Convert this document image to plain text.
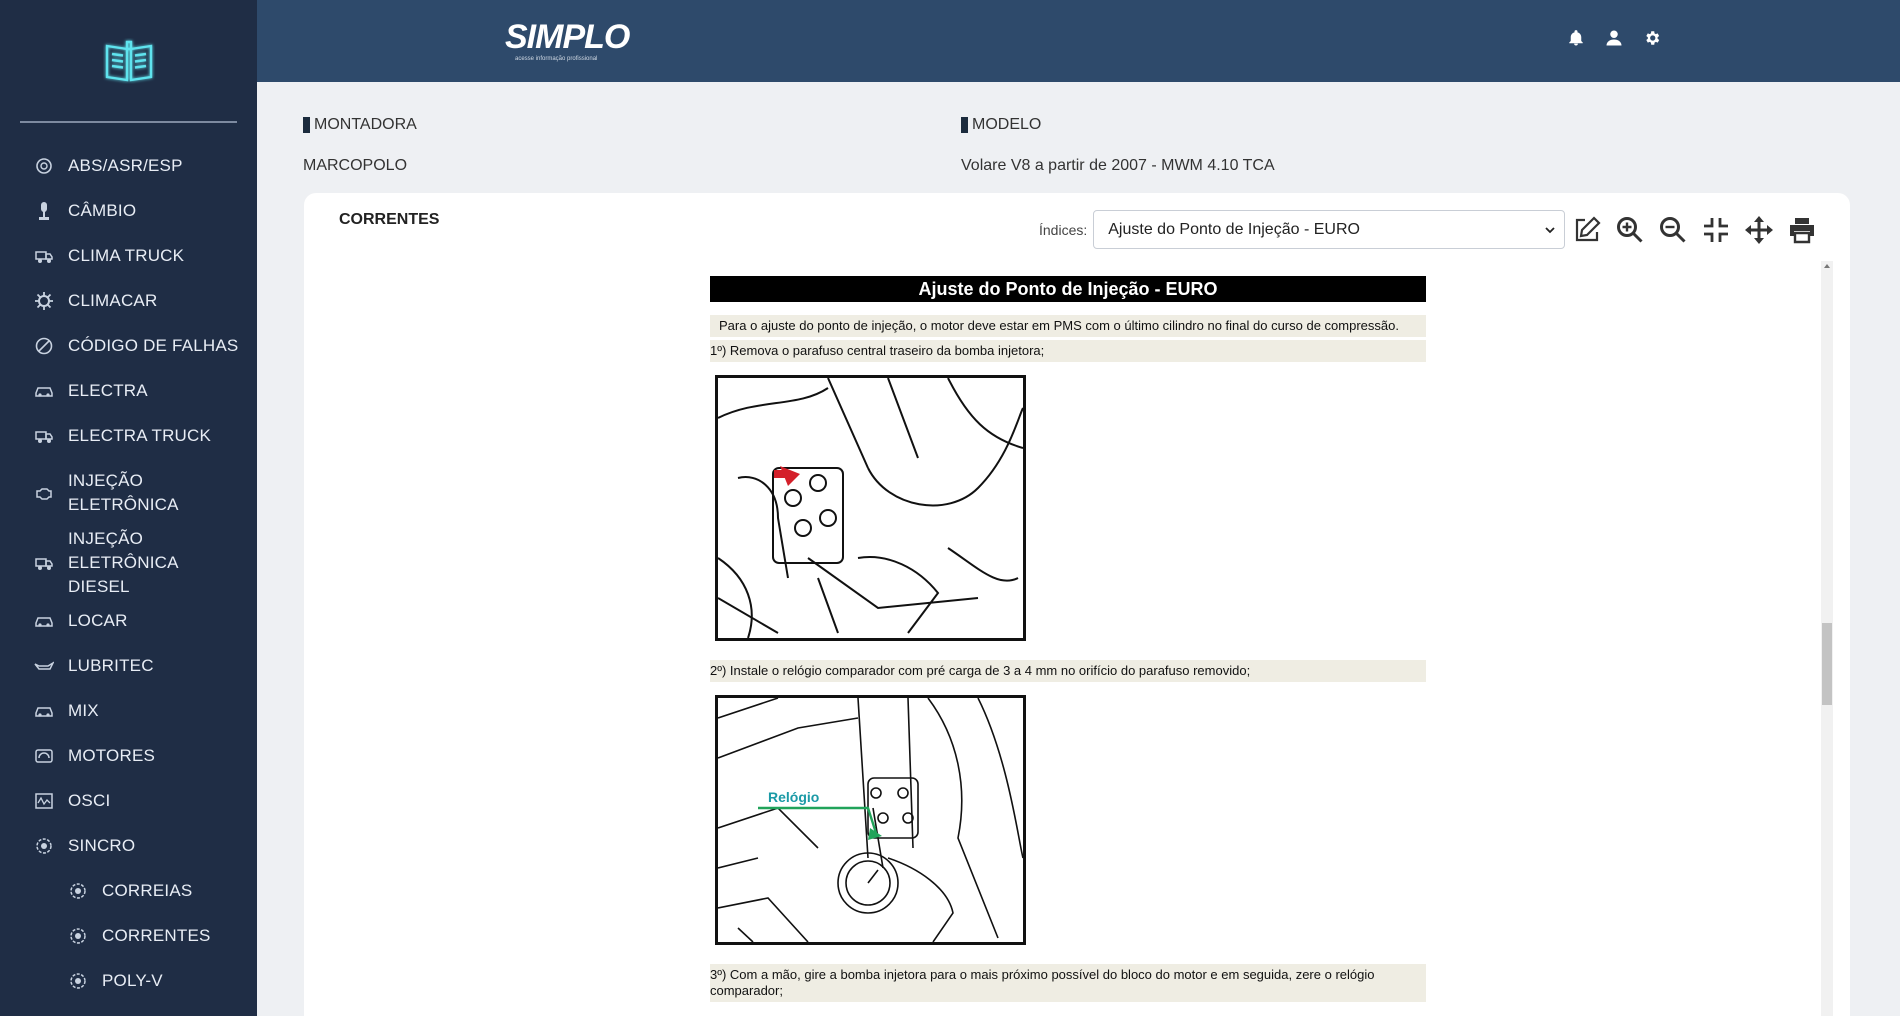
ABS/ASR/ESP
CÂMBIO
CLIMA TRUCK
CLIMACAR
CÓDIGO DE FALHAS
ELECTRA
ELECTRA TRUCK
INJEÇÃO ELETRÔNICA
INJEÇÃO ELETRÔNICA DIESEL
LOCAR
LUBRITEC
MIX
MOTORES
OSCI
SINCRO
CORREIAS
CORRENTES
POLY-V
SIMPLO
acesse informação profissional
MONTADORA
MARCOPOLO
MODELO
Volare V8 a partir de 2007 - MWM 4.10 TCA
CORRENTES
Índices: Ajuste do Ponto de Injeção - EURO
Ajuste do Ponto de Injeção - EURO
Para o ajuste do ponto de injeção, o motor deve estar em PMS com o último cilindro no final do curso de compressão.
1º) Remova o parafuso central traseiro da bomba injetora;
2º) Instale o relógio comparador com pré carga de 3 a 4 mm no orifício do parafuso removido;
Relógio
3º) Com a mão, gire a bomba injetora para o mais próximo possível do bloco do motor e em seguida, zere o relógio comparador;
